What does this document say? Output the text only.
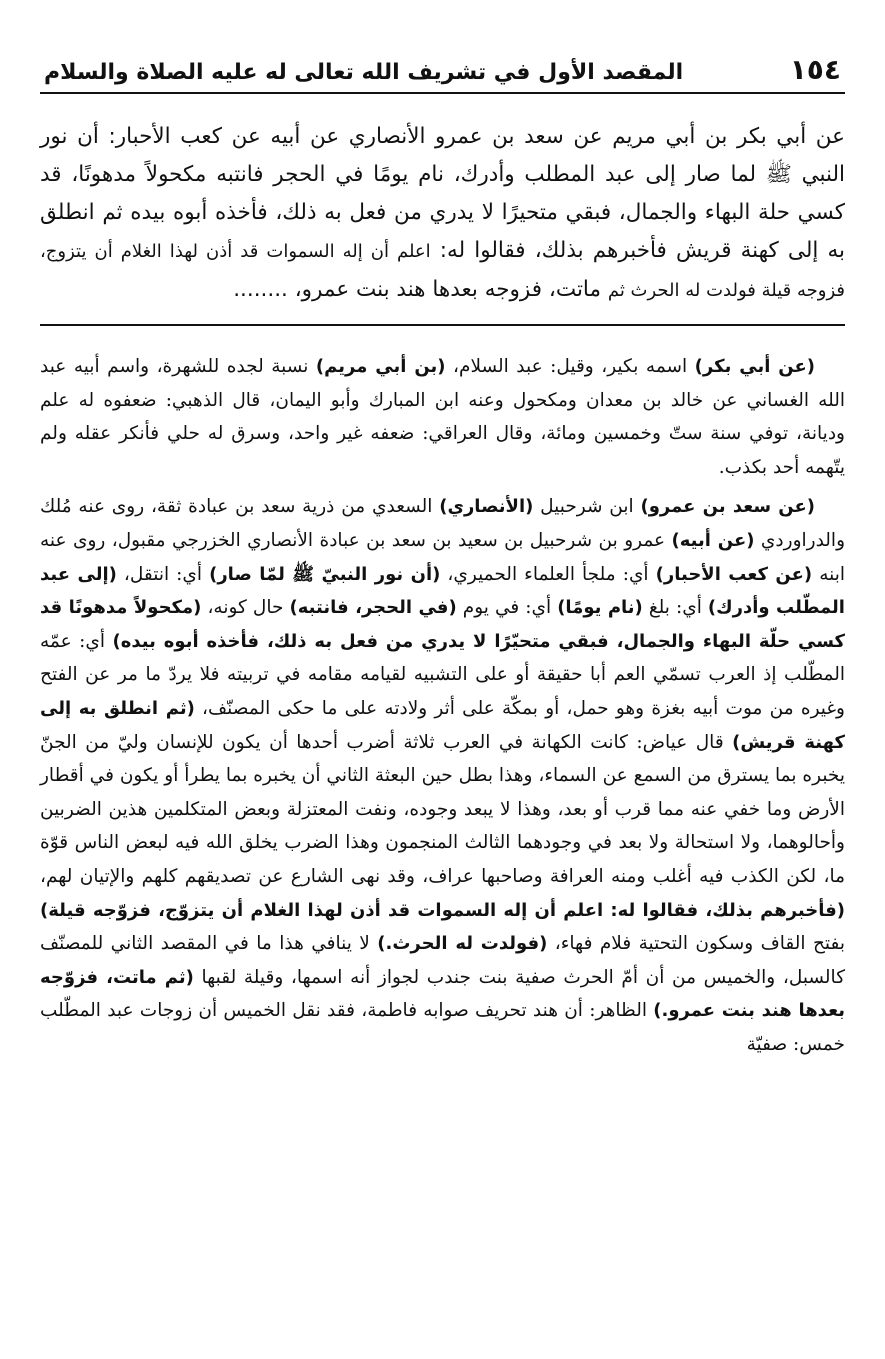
١٥٤
المقصد الأول في تشريف الله تعالى له عليه الصلاة والسلام
عن أبي بكر بن أبي مريم عن سعد بن عمرو الأنصاري عن أبيه عن كعب الأحبار: أن نور النبي ﷺ لما صار إلى عبد المطلب وأدرك، نام يومًا في الحجر فانتبه مكحولاً مدهونًا، قد كسي حلة البهاء والجمال، فبقي متحيرًا لا يدري من فعل به ذلك، فأخذه أبوه بيده ثم انطلق به إلى كهنة قريش فأخبرهم بذلك، فقالوا له: اعلم أن إله السموات قد أذن لهذا الغلام أن يتزوج، فزوجه قيلة فولدت له الحرث ثم ماتت، فزوجه بعدها هند بنت عمرو، ........

(عن أبي بكر) اسمه بكير، وقيل: عبد السلام، (بن أبي مريم) نسبة لجده للشهرة، واسم أبيه عبد الله الغساني عن خالد بن معدان ومكحول وعنه ابن المبارك وأبو اليمان، قال الذهبي: ضعفوه له علم وديانة، توفي سنة ستّ وخمسين ومائة، وقال العراقي: ضعفه غير واحد، وسرق له حلي فأنكر عقله ولم يتّهمه أحد بكذب.

(عن سعد بن عمرو) ابن شرحبيل (الأنصاري) السعدي من ذرية سعد بن عبادة ثقة، روى عنه مُلك والدراوردي (عن أبيه) عمرو بن شرحبيل بن سعيد بن سعد بن عبادة الأنصاري الخزرجي مقبول، روى عنه ابنه (عن كعب الأحبار) أي: ملجأ العلماء الحميري، (أن نور النبيّ ﷺ لمّا صار) أي: انتقل، (إلى عبد المطّلب وأدرك) أي: بلغ (نام يومًا) أي: في يوم (في الحجر، فانتبه) حال كونه، (مكحولاً مدهونًا قد كسي حلّة البهاء والجمال، فبقي متحيّرًا لا يدري من فعل به ذلك، فأخذه أبوه بيده) أي: عمّه المطّلب إذ العرب تسمّي العم أبا حقيقة أو على التشبيه لقيامه مقامه في تربيته فلا يردّ ما مر عن الفتح وغيره من موت أبيه بغزة وهو حمل، أو بمكّة على أثر ولادته على ما حكى المصنّف، (ثم انطلق به إلى كهنة قريش) قال عياض: كانت الكهانة في العرب ثلاثة أضرب أحدها أن يكون للإنسان وليّ من الجنّ يخبره بما يسترق من السمع عن السماء، وهذا بطل حين البعثة الثاني أن يخبره بما يطرأ أو يكون في أقطار الأرض وما خفي عنه مما قرب أو بعد، وهذا لا يبعد وجوده، ونفت المعتزلة وبعض المتكلمين هذين الضربين وأحالوهما، ولا استحالة ولا بعد في وجودهما الثالث المنجمون وهذا الضرب يخلق الله فيه لبعض الناس قوّة ما، لكن الكذب فيه أغلب ومنه العرافة وصاحبها عراف، وقد نهى الشارع عن تصديقهم كلهم والإتيان لهم، (فأخبرهم بذلك، فقالوا له: اعلم أن إله السموات قد أذن لهذا الغلام أن يتزوّج، فزوّجه قيلة) بفتح القاف وسكون التحتية فلام فهاء، (فولدت له الحرث.) لا ينافي هذا ما في المقصد الثاني للمصنّف كالسبل، والخميس من أن أمّ الحرث صفية بنت جندب لجواز أنه اسمها، وقيلة لقبها (ثم ماتت، فزوّجه بعدها هند بنت عمرو.) الظاهر: أن هند تحريف صوابه فاطمة، فقد نقل الخميس أن زوجات عبد المطّلب خمس: صفيّة
